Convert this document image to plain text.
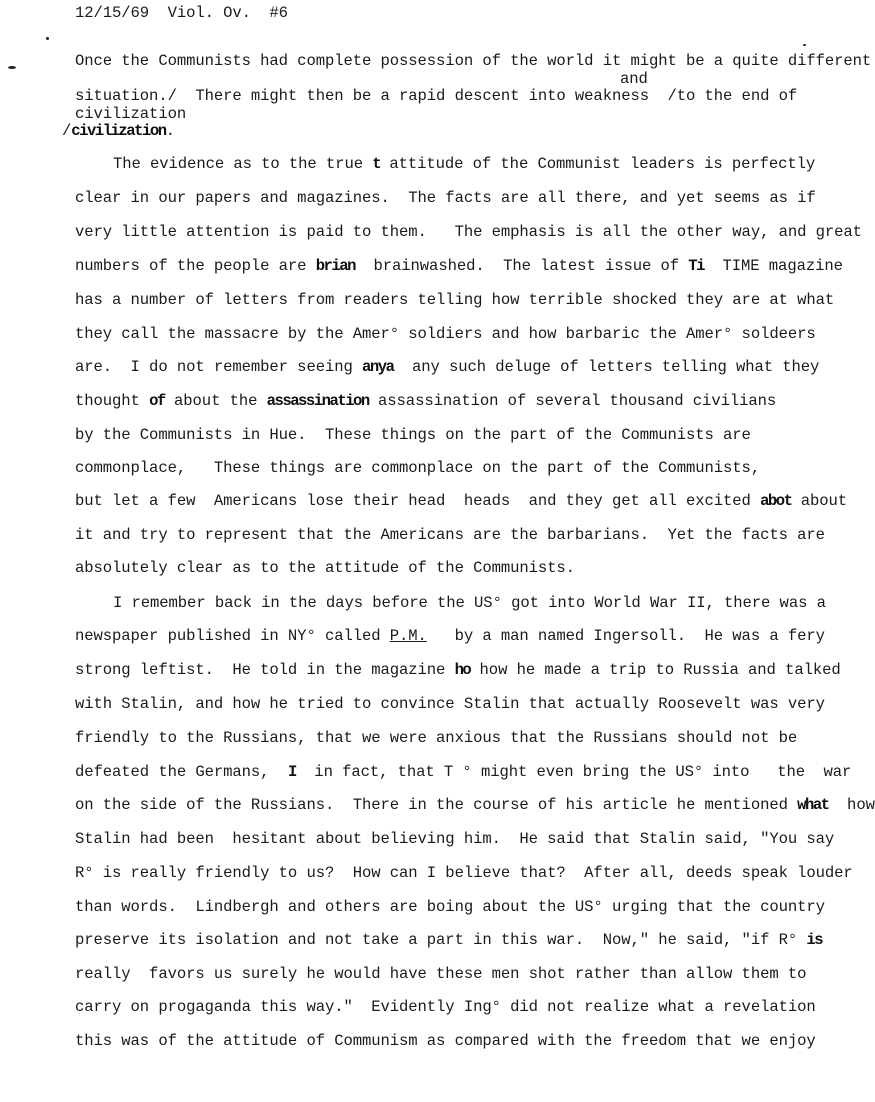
12/15/69  Viol. Ov.  #6
Once the Communists had complete possession of the world it might be a quite different
and
situation./  There might then be a rapid descent into weakness  /to the end of
civilization
/civilization.
The evidence as to the true t attitude of the Communist leaders is perfectly
clear in our papers and magazines.  The facts are all there, and yet seems as if
very little attention is paid to them.   The emphasis is all the other way, and great
numbers of the people are brian  brainwashed.  The latest issue of Ti  TIME magazine
has a number of letters from readers telling how terrible shocked they are at what
they call the massacre by the Amer° soldiers and how barbaric the Amer° soldeers
are.  I do not remember seeing anya  any such deluge of letters telling what they
thought of about the assassination assassination of several thousand civilians
by the Communists in Hue.  These things on the part of the Communists are
commonplace,   These things are commonplace on the part of the Communists,
but let a few  Americans lose their head  heads  and they get all excited abot about
it and try to represent that the Americans are the barbarians.  Yet the facts are
absolutely clear as to the attitude of the Communists.
I remember back in the days before the US° got into World War II, there was a
newspaper published in NY° called P.M.   by a man named Ingersoll.  He was a fery
strong leftist.  He told in the magazine ho how he made a trip to Russia and talked
with Stalin, and how he tried to convince Stalin that actually Roosevelt was very
friendly to the Russians, that we were anxious that the Russians should not be
defeated the Germans,  I  in fact, that T ° might even bring the US° into   the  war
on the side of the Russians.  There in the course of his article he mentioned what  how
Stalin had been  hesitant about believing him.  He said that Stalin said, "You say
R° is really friendly to us?  How can I believe that?  After all, deeds speak louder
than words.  Lindbergh and others are boing about the US° urging that the country
preserve its isolation and not take a part in this war.  Now," he said, "if R° is
really  favors us surely he would have these men shot rather than allow them to
carry on progaganda this way."  Evidently Ing° did not realize what a revelation
this was of the attitude of Communism as compared with the freedom that we enjoy
